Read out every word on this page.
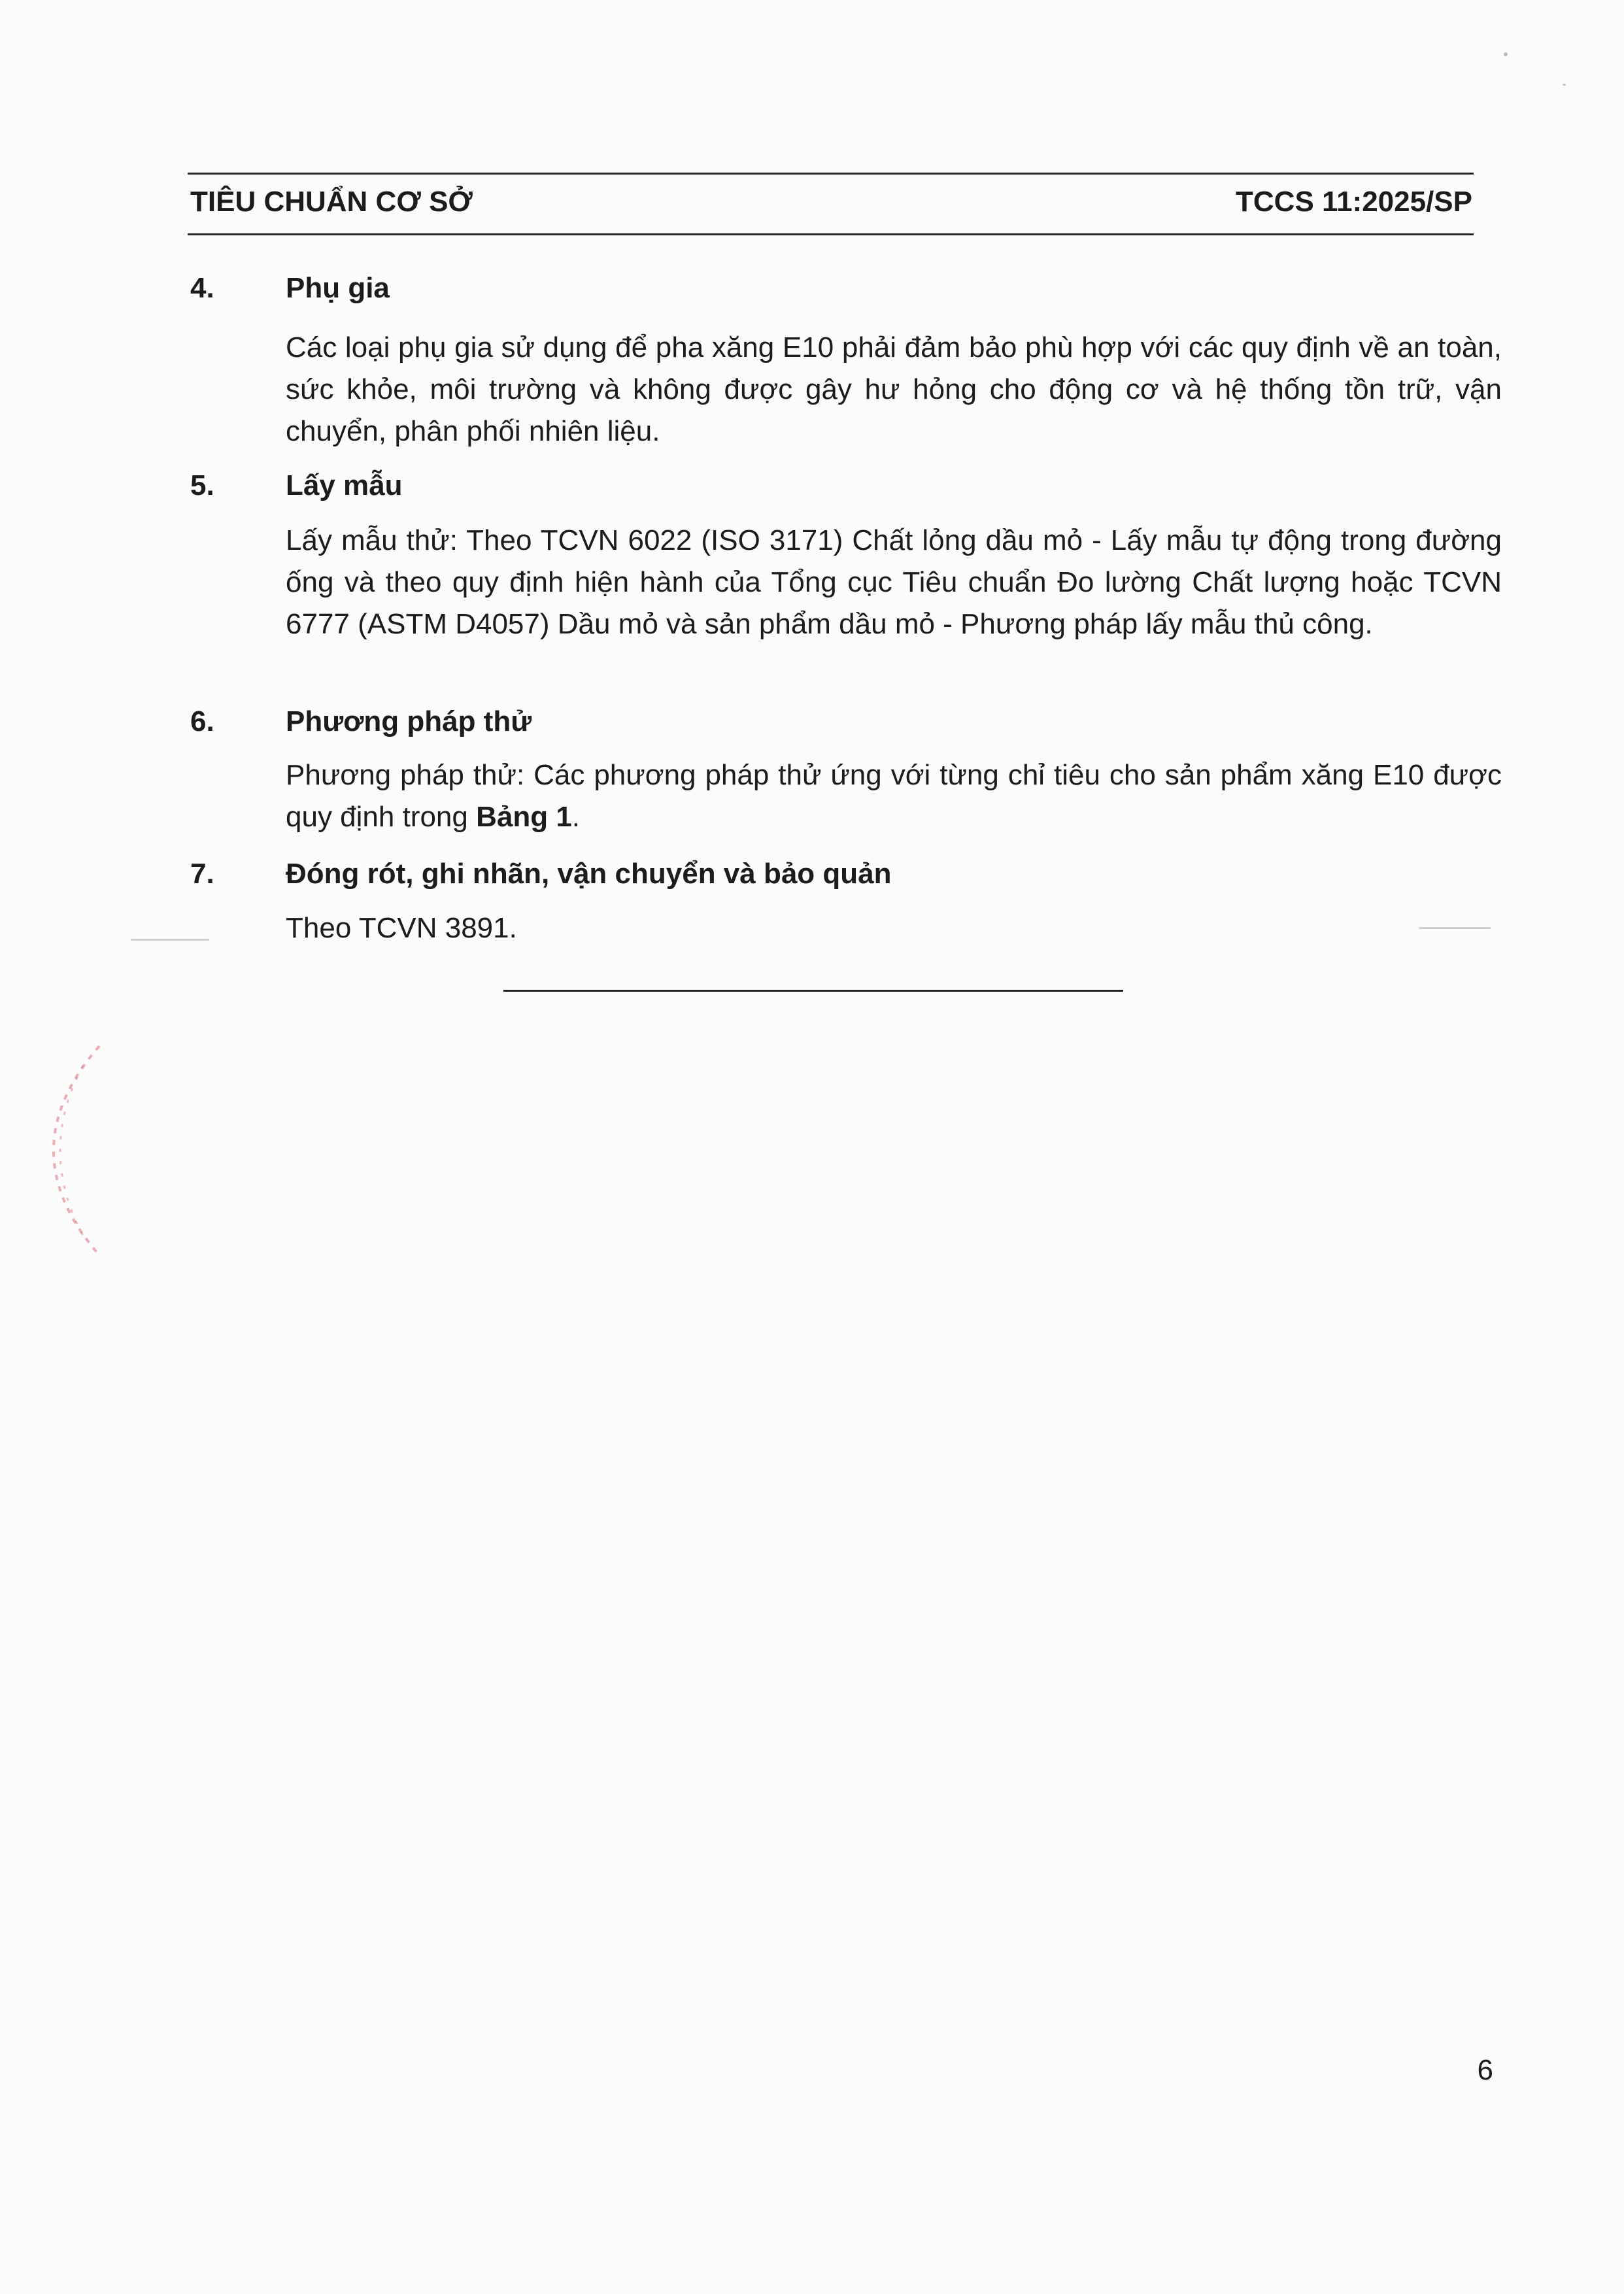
TIÊU CHUẨN CƠ SỞ	TCCS 11:2025/SP
4. Phụ gia
Các loại phụ gia sử dụng để pha xăng E10 phải đảm bảo phù hợp với các quy định về an toàn, sức khỏe, môi trường và không được gây hư hỏng cho động cơ và hệ thống tồn trữ, vận chuyển, phân phối nhiên liệu.
5. Lấy mẫu
Lấy mẫu thử: Theo TCVN 6022 (ISO 3171) Chất lỏng dầu mỏ - Lấy mẫu tự động trong đường ống và theo quy định hiện hành của Tổng cục Tiêu chuẩn Đo lường Chất lượng hoặc TCVN 6777 (ASTM D4057) Dầu mỏ và sản phẩm dầu mỏ - Phương pháp lấy mẫu thủ công.
6. Phương pháp thử
Phương pháp thử: Các phương pháp thử ứng với từng chỉ tiêu cho sản phẩm xăng E10 được quy định trong Bảng 1.
7. Đóng rót, ghi nhãn, vận chuyển và bảo quản
Theo TCVN 3891.
6
